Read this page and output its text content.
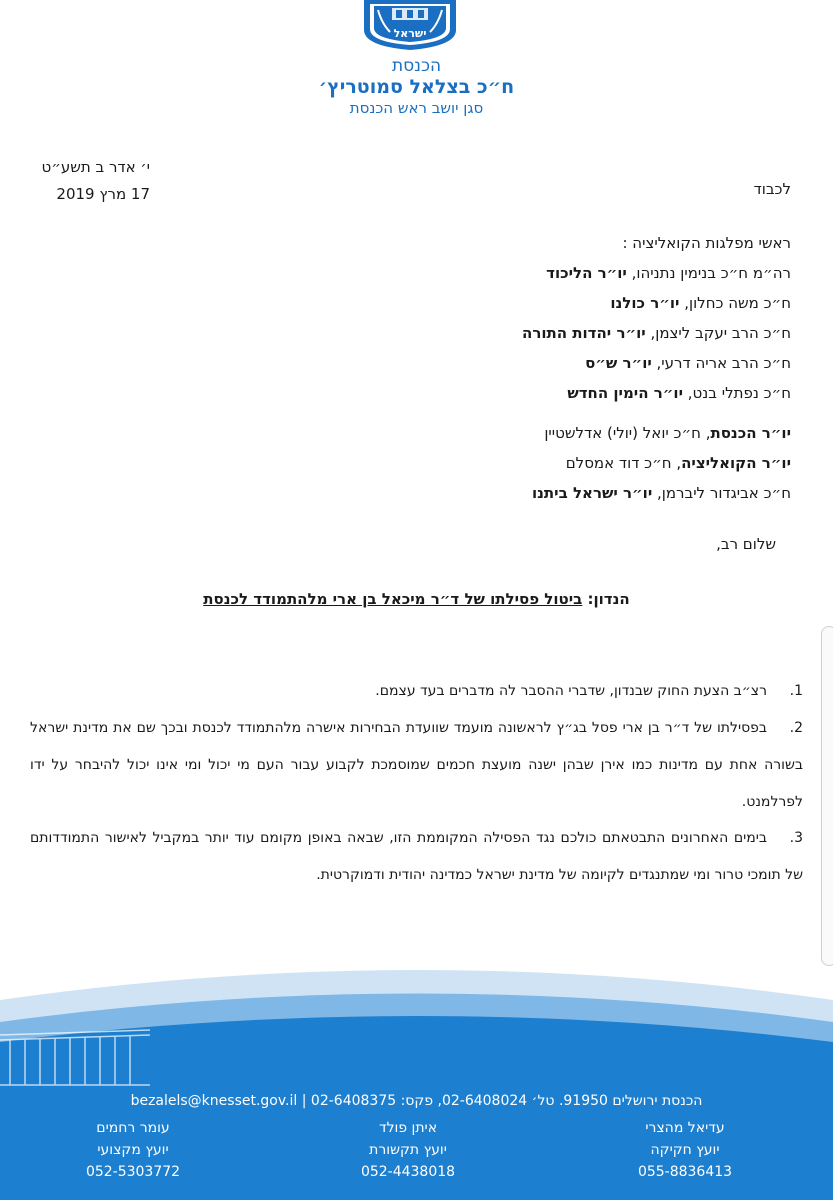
ישראל
הכנסת
ח״כ בצלאל סמוטריץ׳
סגן יושב ראש הכנסת
י׳ אדר ב תשע״ט
17 מרץ 2019	לכבוד
ראשי מפלגות הקואליציה :
רה״מ ח״כ בנימין נתניהו, יו״ר הליכוד
ח״כ משה כחלון, יו״ר כולנו
ח״כ הרב יעקב ליצמן, יו״ר יהדות התורה
ח״כ הרב אריה דרעי, יו״ר ש״ס
ח״כ נפתלי בנט, יו״ר הימין החדש
יו״ר הכנסת, ח״כ יואל (יולי) אדלשטיין
יו״ר הקואליציה, ח״כ דוד אמסלם
ח״כ אביגדור ליברמן, יו״ר ישראל ביתנו
שלום רב,
הנדון: ביטול פסילתו של ד״ר מיכאל בן ארי מלהתמודד לכנסת
1.רצ״ב הצעת החוק שבנדון, שדברי ההסבר לה מדברים בעד עצמם.
2.בפסילתו של ד״ר בן ארי פסל בג״ץ לראשונה מועמד שוועדת הבחירות אישרה מלהתמודד לכנסת ובכך שם את מדינת ישראל בשורה אחת עם מדינות כמו אירן שבהן ישנה מועצת חכמים שמוסמכת לקבוע עבור העם מי יכול ומי אינו יכול להיבחר על ידו לפרלמנט.
3.בימים האחרונים התבטאתם כולכם נגד הפסילה המקוממת הזו, שבאה באופן מקומם עוד יותר במקביל לאישור התמודדותם של תומכי טרור ומי שמתנגדים לקיומה של מדינת ישראל כמדינה יהודית ודמוקרטית.
הכנסת ירושלים 91950. טל׳ 02-6408024, פקס: 02-6408375 | bezalels@knesset.gov.il
עדיאל מהצרי
יועץ חקיקה
055-8836413
איתן פולד
יועץ תקשורת
052-4438018
עומר רחמים
יועץ מקצועי
052-5303772
